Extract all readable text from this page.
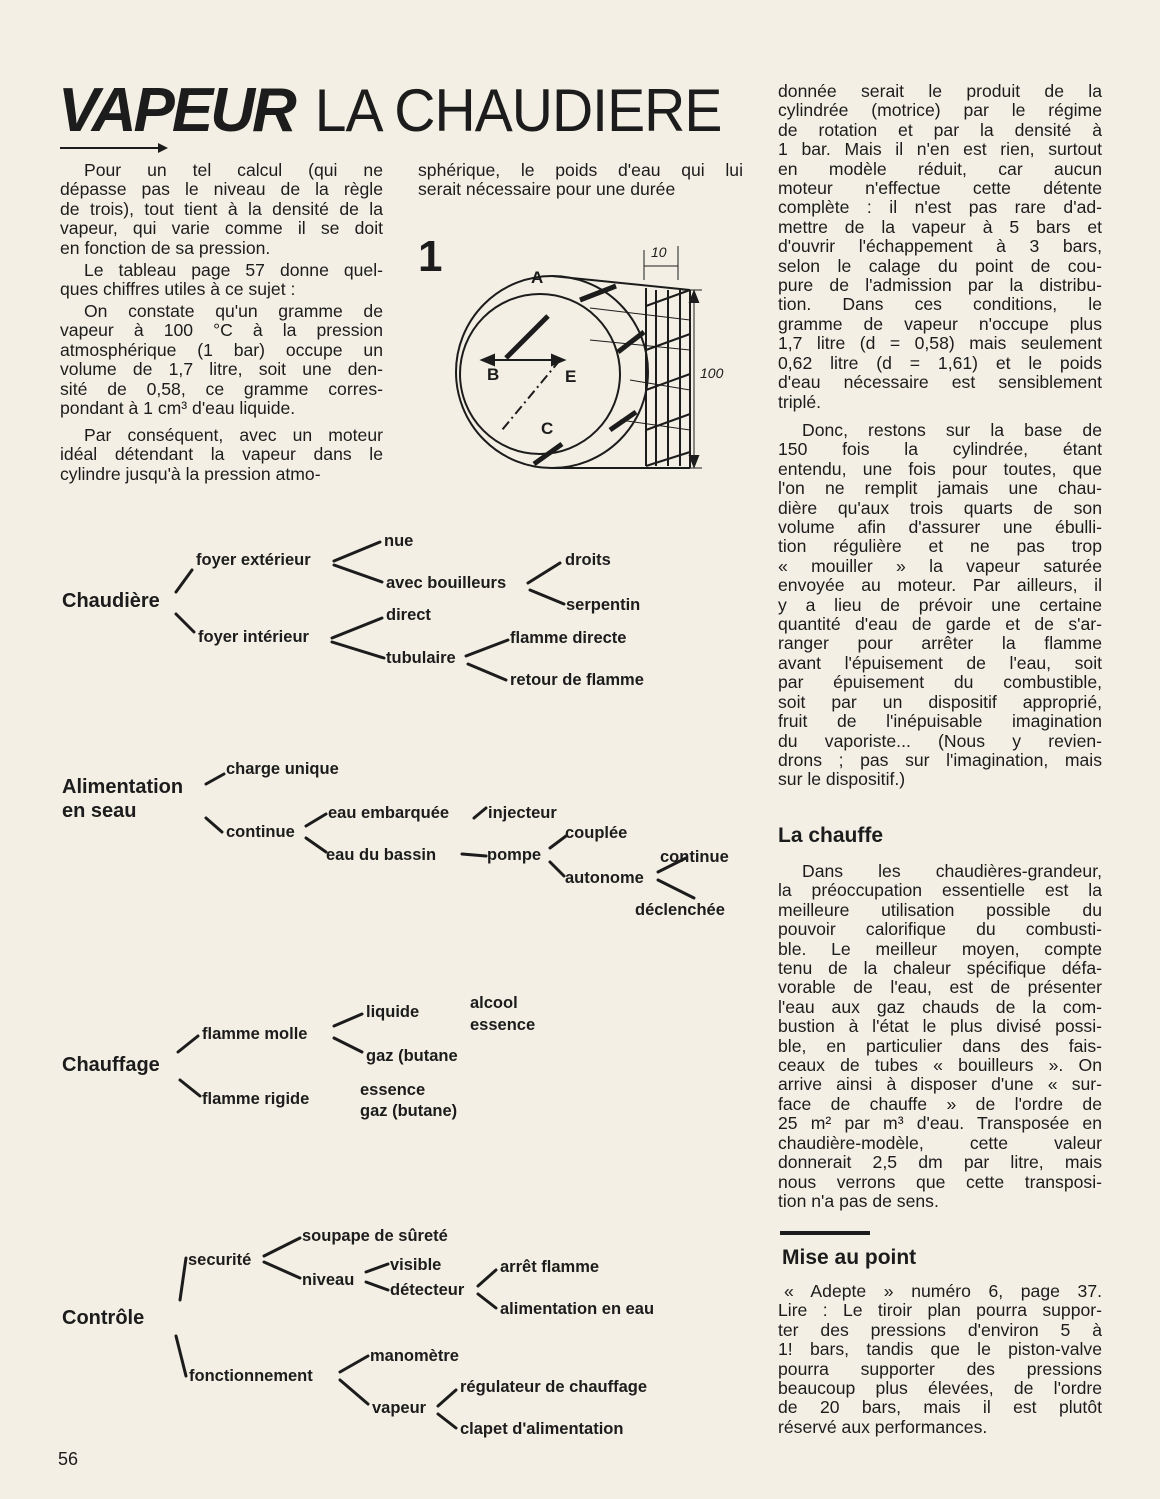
VAPEUR LA CHAUDIERE
Pour un tel calcul (qui ne
dépasse pas le niveau de la règle
de trois), tout tient à la densité de la
vapeur, qui varie comme il se doit
en fonction de sa pression.
Le tableau page 57 donne quel-
ques chiffres utiles à ce sujet :
On constate qu'un gramme de
vapeur à 100 °C à la pression
atmosphérique (1 bar) occupe un
volume de 1,7 litre, soit une den-
sité de 0,58, ce gramme corres-
pondant à 1 cm³ d'eau liquide.
Par conséquent, avec un moteur
idéal détendant la vapeur dans le
cylindre jusqu'à la pression atmo-
sphérique, le poids d'eau qui lui
serait nécessaire pour une durée
1	A
B	E
C
10
100
donnée serait le produit de la
cylindrée (motrice) par le régime
de rotation et par la densité à
1 bar. Mais il n'en est rien, surtout
en modèle réduit, car aucun
moteur n'effectue cette détente
complète : il n'est pas rare d'ad-
mettre de la vapeur à 5 bars et
d'ouvrir l'échappement à 3 bars,
selon le calage du point de cou-
pure de l'admission par la distribu-
tion. Dans ces conditions, le
gramme de vapeur n'occupe plus
1,7 litre (d = 0,58) mais seulement
0,62 litre (d = 1,61) et le poids
d'eau nécessaire est sensiblement
triplé.
Donc, restons sur la base de
150 fois la cylindrée, étant
entendu, une fois pour toutes, que
l'on ne remplit jamais une chau-
dière qu'aux trois quarts de son
volume afin d'assurer une ébulli-
tion régulière et ne pas trop
« mouiller » la vapeur saturée
envoyée au moteur. Par ailleurs, il
y a lieu de prévoir une certaine
quantité d'eau de garde et de s'ar-
ranger pour arrêter la flamme
avant l'épuisement de l'eau, soit
par épuisement du combustible,
soit par un dispositif approprié,
fruit de l'inépuisable imagination
du vaporiste... (Nous y revien-
drons ; pas sur l'imagination, mais
sur le dispositif.)
La chauffe
Dans les chaudières-grandeur,
la préoccupation essentielle est la
meilleure utilisation possible du
pouvoir calorifique du combusti-
ble. Le meilleur moyen, compte
tenu de la chaleur spécifique défa-
vorable de l'eau, est de présenter
l'eau aux gaz chauds de la com-
bustion à l'état le plus divisé possi-
ble, en particulier dans des fais-
ceaux de tubes « bouilleurs ». On
arrive ainsi à disposer d'une « sur-
face de chauffe » de l'ordre de
25 m² par m³ d'eau. Transposée en
chaudière-modèle, cette valeur
donnerait 2,5 dm par litre, mais
nous verrons que cette transposi-
tion n'a pas de sens.
Mise au point
« Adepte » numéro 6, page 37.
Lire : Le tiroir plan pourra suppor-
ter des pressions d'environ 5 à
1! bars, tandis que le piston-valve
pourra supporter des pressions
beaucoup plus élevées, de l'ordre
de 20 bars, mais il est plutôt
réservé aux performances.
Chaudière
foyer extérieur
nue
avec bouilleurs
droits
serpentin
foyer intérieur
direct
tubulaire
flamme directe
retour de flamme
Alimentation
en seau
charge unique
continue
eau embarquée injecteur
eau du bassin	pompe
couplée
autonome
continue
déclenchée
Chauffage
flamme molle
liquide	alcool
essence
gaz (butane
flamme rigide	essence
gaz (butane)
Contrôle
securité
soupape de sûreté
niveau
visible
détecteur
arrêt flamme
alimentation en eau
fonctionnement
manomètre
vapeur
régulateur de chauffage
clapet d'alimentation
56
